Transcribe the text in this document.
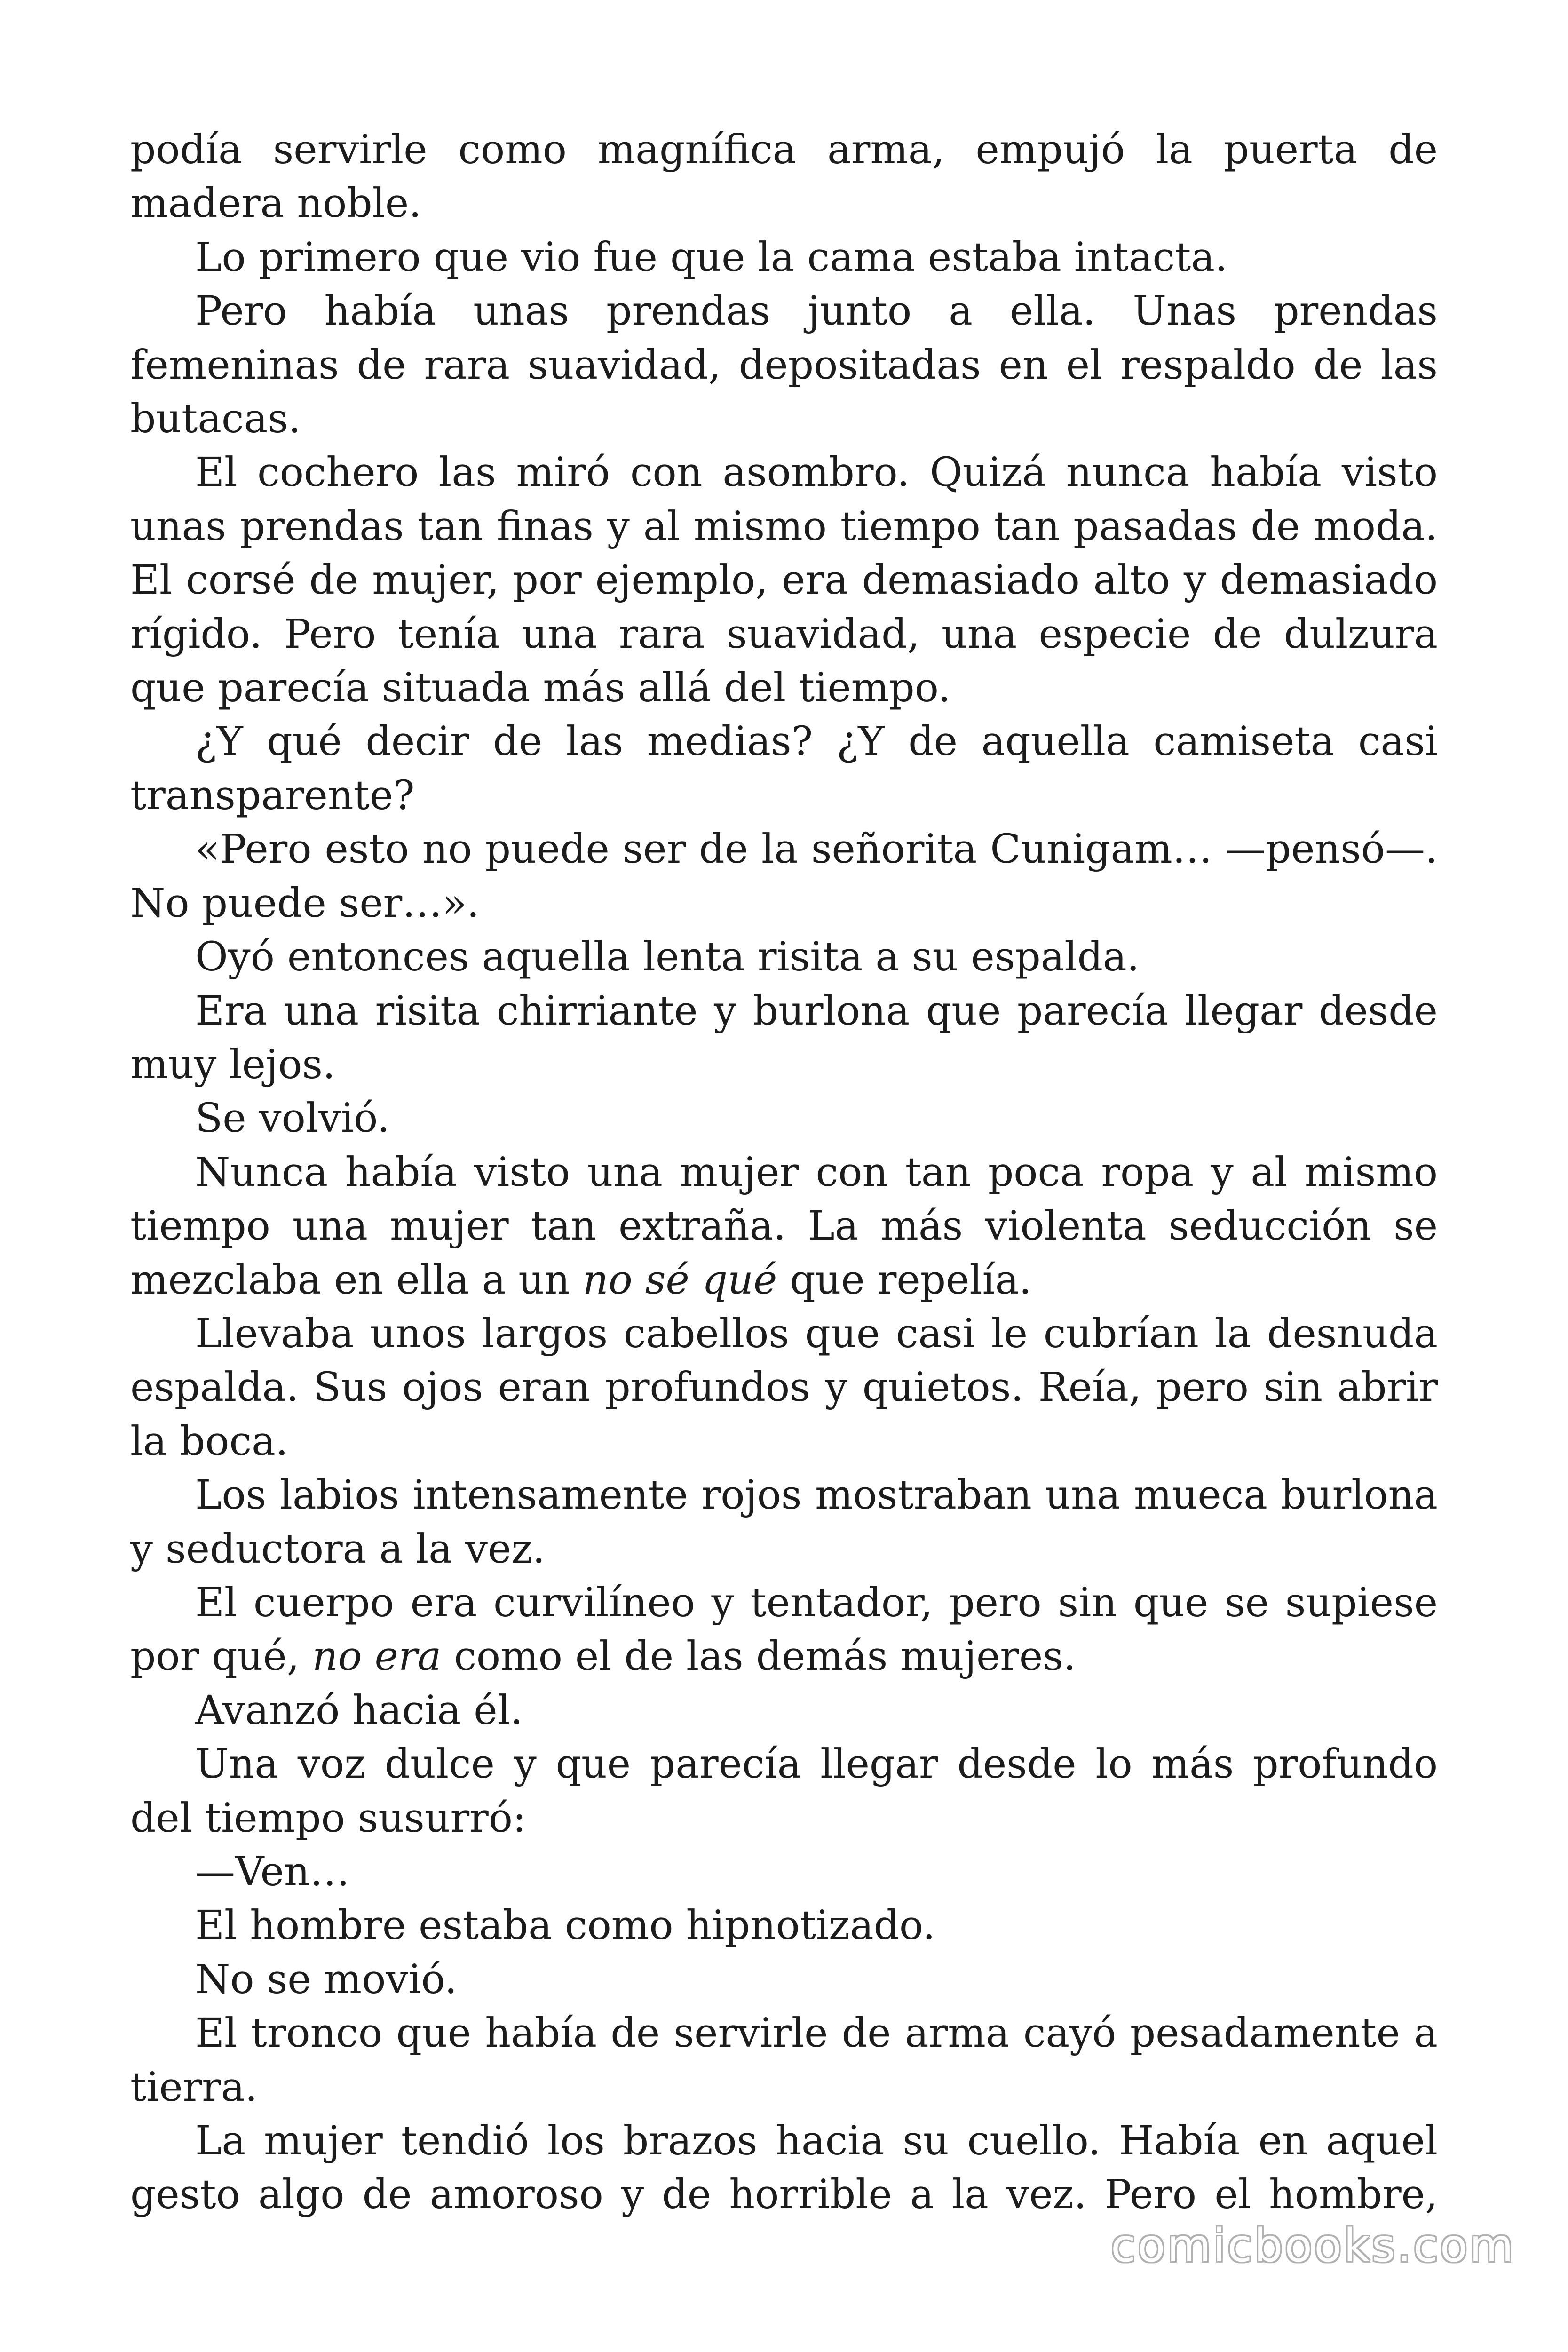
podía servirle como magnífica arma, empujó la puerta de madera noble.

Lo primero que vio fue que la cama estaba intacta.

Pero había unas prendas junto a ella. Unas prendas femeninas de rara suavidad, depositadas en el respaldo de las butacas.

El cochero las miró con asombro. Quizá nunca había visto unas prendas tan finas y al mismo tiempo tan pasadas de moda. El corsé de mujer, por ejemplo, era demasiado alto y demasiado rígido. Pero tenía una rara suavidad, una especie de dulzura que parecía situada más allá del tiempo.

¿Y qué decir de las medias? ¿Y de aquella camiseta casi transparente?

«Pero esto no puede ser de la señorita Cunigam… —pensó—. No puede ser…».

Oyó entonces aquella lenta risita a su espalda.

Era una risita chirriante y burlona que parecía llegar desde muy lejos.

Se volvió.

Nunca había visto una mujer con tan poca ropa y al mismo tiempo una mujer tan extraña. La más violenta seducción se mezclaba en ella a un no sé qué que repelía.

Llevaba unos largos cabellos que casi le cubrían la desnuda espalda. Sus ojos eran profundos y quietos. Reía, pero sin abrir la boca.

Los labios intensamente rojos mostraban una mueca burlona y seductora a la vez.

El cuerpo era curvilíneo y tentador, pero sin que se supiese por qué, no era como el de las demás mujeres.

Avanzó hacia él.

Una voz dulce y que parecía llegar desde lo más profundo del tiempo susurró:

—Ven…

El hombre estaba como hipnotizado.

No se movió.

El tronco que había de servirle de arma cayó pesadamente a tierra.

La mujer tendió los brazos hacia su cuello. Había en aquel gesto algo de amoroso y de horrible a la vez. Pero el hombre,

comicbooks.com
